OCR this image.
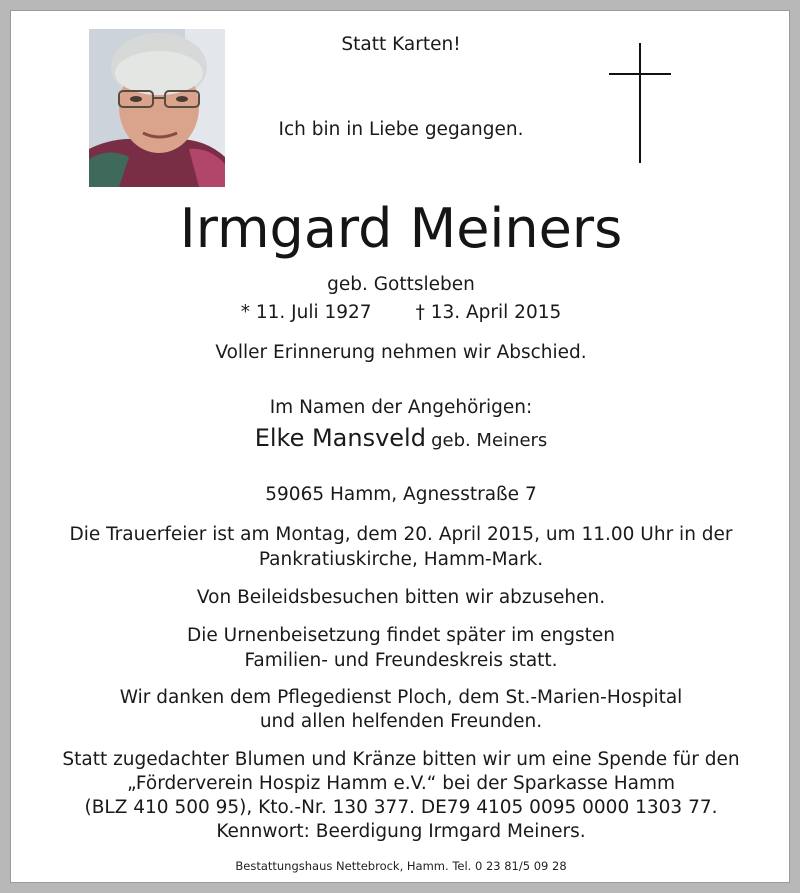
Statt Karten!
Ich bin in Liebe gegangen.
Irmgard Meiners
geb. Gottsleben
* 11. Juli 1927 † 13. April 2015
Voller Erinnerung nehmen wir Abschied.
Im Namen der Angehörigen:
Elke Mansveld geb. Meiners
59065 Hamm, Agnesstraße 7
Die Trauerfeier ist am Montag, dem 20. April 2015, um 11.00 Uhr in der
Pankratiuskirche, Hamm-Mark.
Von Beileidsbesuchen bitten wir abzusehen.
Die Urnenbeisetzung findet später im engsten
Familien- und Freundeskreis statt.
Wir danken dem Pflegedienst Ploch, dem St.-Marien-Hospital
und allen helfenden Freunden.
Statt zugedachter Blumen und Kränze bitten wir um eine Spende für den
„Förderverein Hospiz Hamm e.V.“ bei der Sparkasse Hamm
(BLZ 410 500 95), Kto.-Nr. 130 377. DE79 4105 0095 0000 1303 77.
Kennwort: Beerdigung Irmgard Meiners.
Bestattungshaus Nettebrock, Hamm. Tel. 0 23 81/5 09 28
